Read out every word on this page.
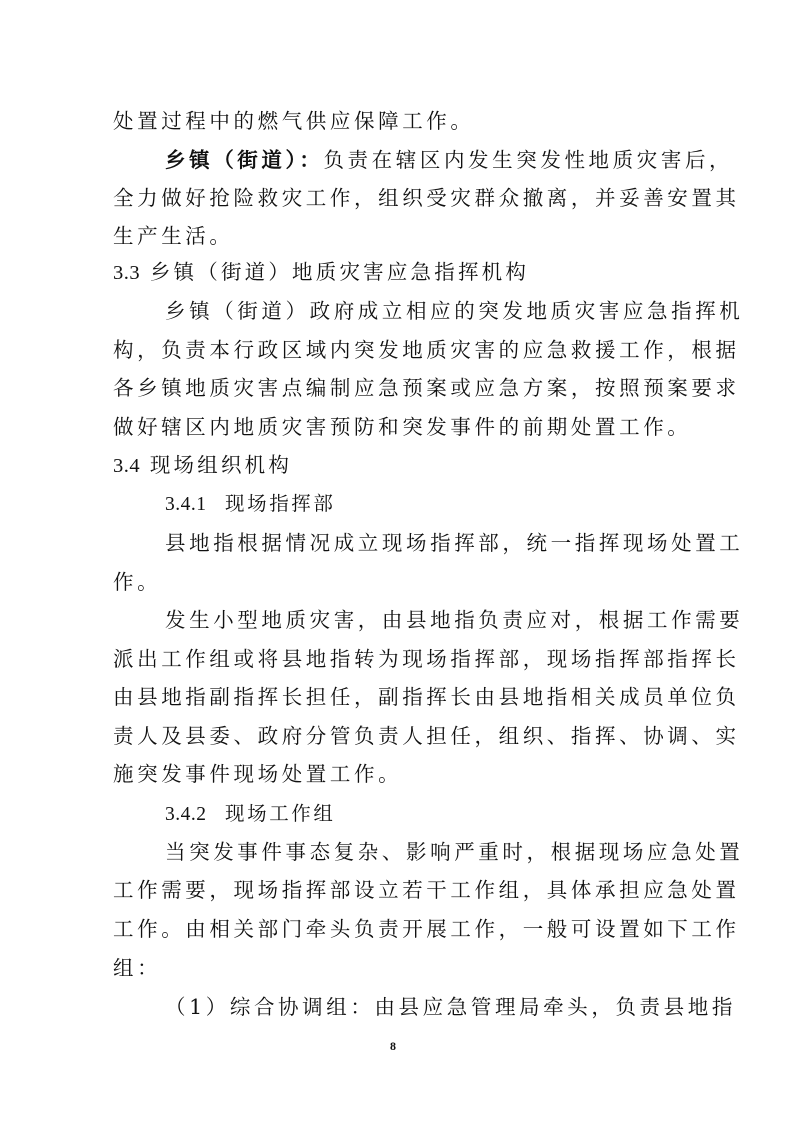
处置过程中的燃气供应保障工作。
乡镇（街道）：负责在辖区内发生突发性地质灾害后，
全力做好抢险救灾工作，组织受灾群众撤离，并妥善安置其
生产生活。
3.3 乡镇（街道）地质灾害应急指挥机构
乡镇（街道）政府成立相应的突发地质灾害应急指挥机
构，负责本行政区域内突发地质灾害的应急救援工作，根据
各乡镇地质灾害点编制应急预案或应急方案，按照预案要求
做好辖区内地质灾害预防和突发事件的前期处置工作。
3.4 现场组织机构
3.4.1 现场指挥部
县地指根据情况成立现场指挥部，统一指挥现场处置工
作。
发生小型地质灾害，由县地指负责应对，根据工作需要
派出工作组或将县地指转为现场指挥部，现场指挥部指挥长
由县地指副指挥长担任，副指挥长由县地指相关成员单位负
责人及县委、政府分管负责人担任，组织、指挥、协调、实
施突发事件现场处置工作。
3.4.2 现场工作组
当突发事件事态复杂、影响严重时，根据现场应急处置
工作需要，现场指挥部设立若干工作组，具体承担应急处置
工作。由相关部门牵头负责开展工作，一般可设置如下工作
组：
（1）综合协调组：由县应急管理局牵头，负责县地指
8
